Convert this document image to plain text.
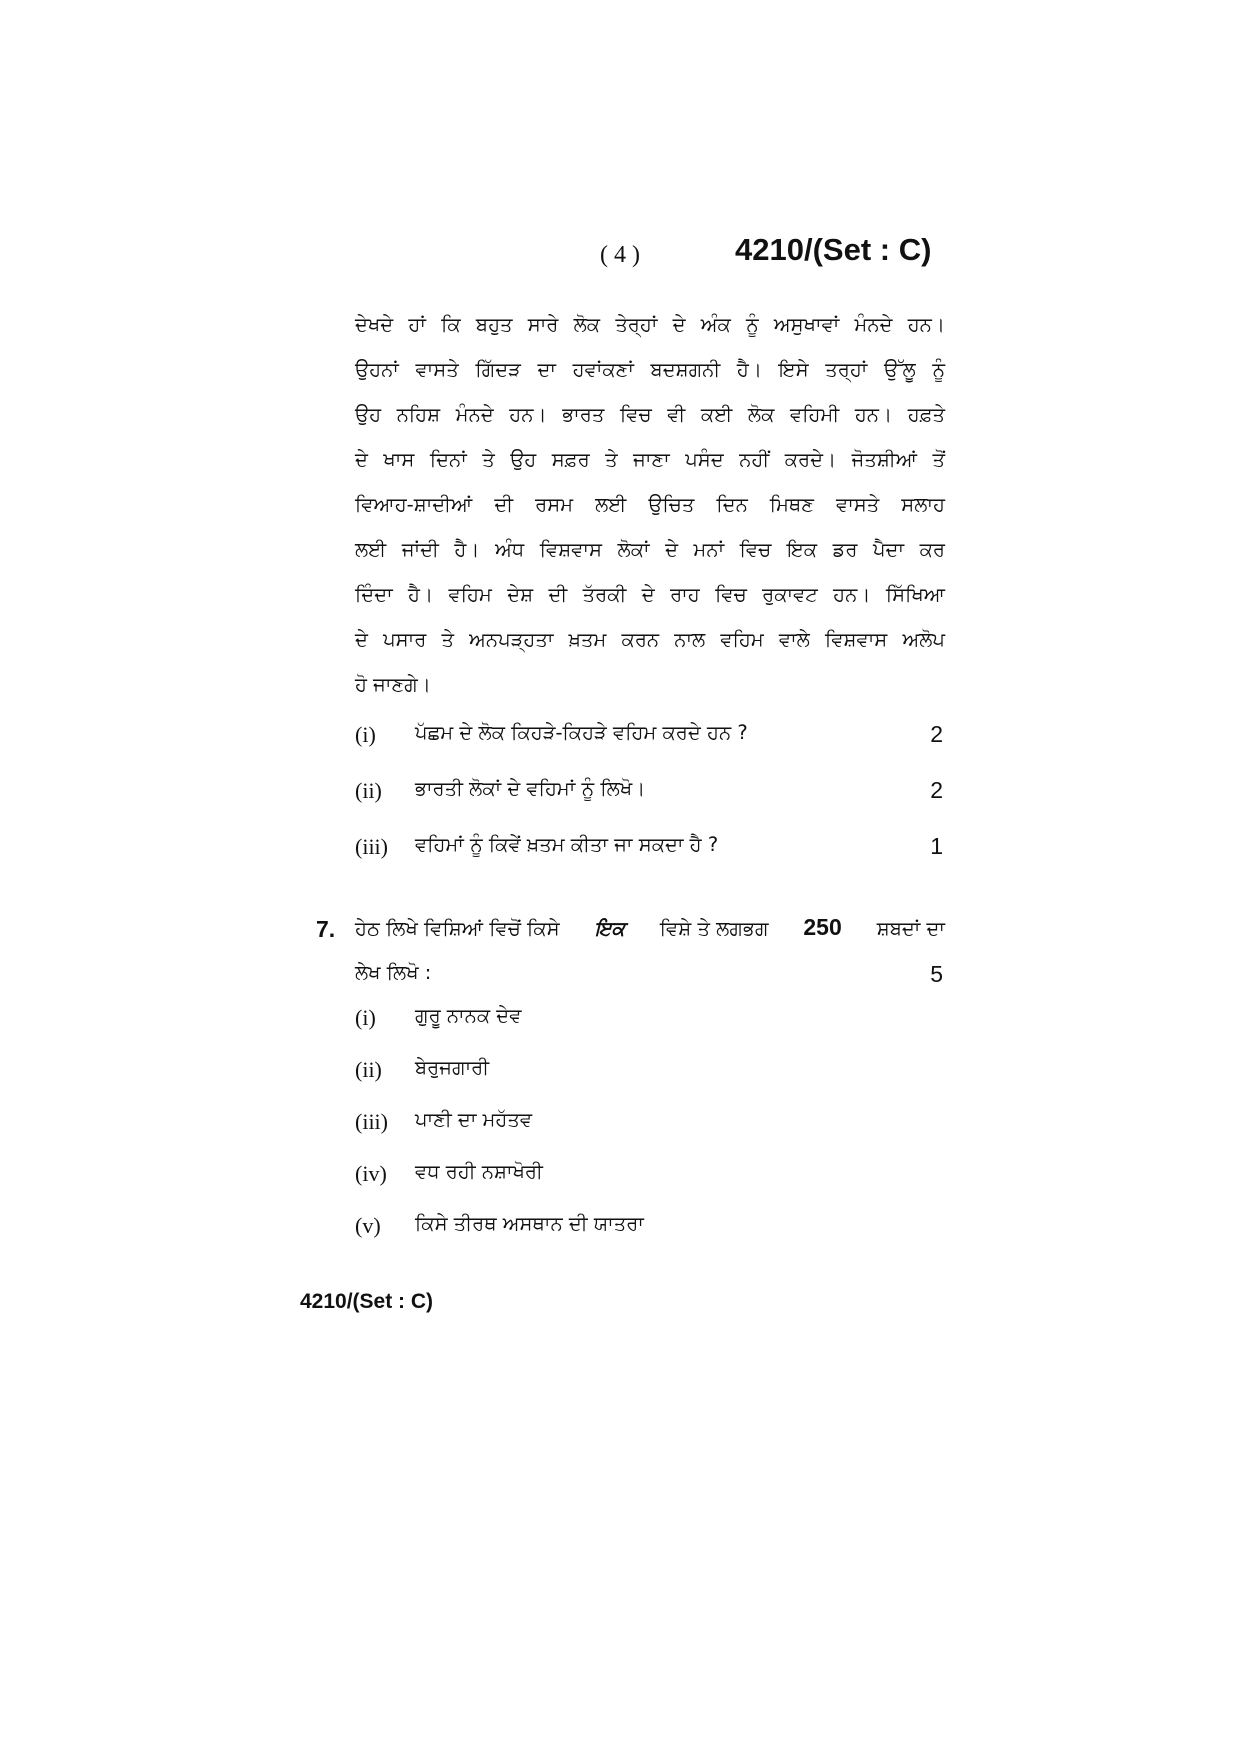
( 4 )	4210/(Set : C)
ਦੇਖਦੇ ਹਾਂ ਕਿ ਬਹੁਤ ਸਾਰੇ ਲੋਕ ਤੇਰ੍ਹਾਂ ਦੇ ਅੰਕ ਨੂੰ ਅਸੁਖਾਵਾਂ ਮੰਨਦੇ ਹਨ।
ਉਹਨਾਂ ਵਾਸਤੇ ਗਿੱਦੜ ਦਾ ਹਵਾਂਕਣਾਂ ਬਦਸ਼ਗਨੀ ਹੈ। ਇਸੇ ਤਰ੍ਹਾਂ ਉੱਲੂ ਨੂੰ
ਉਹ ਨਹਿਸ਼ ਮੰਨਦੇ ਹਨ। ਭਾਰਤ ਵਿਚ ਵੀ ਕਈ ਲੋਕ ਵਹਿਮੀ ਹਨ। ਹਫ਼ਤੇ
ਦੇ ਖਾਸ ਦਿਨਾਂ ਤੇ ਉਹ ਸਫ਼ਰ ਤੇ ਜਾਣਾ ਪਸੰਦ ਨਹੀਂ ਕਰਦੇ। ਜੋਤਸ਼ੀਆਂ ਤੋਂ
ਵਿਆਹ-ਸ਼ਾਦੀਆਂ ਦੀ ਰਸਮ ਲਈ ਉਚਿਤ ਦਿਨ ਮਿਥਣ ਵਾਸਤੇ ਸਲਾਹ
ਲਈ ਜਾਂਦੀ ਹੈ। ਅੰਧ ਵਿਸ਼ਵਾਸ ਲੋਕਾਂ ਦੇ ਮਨਾਂ ਵਿਚ ਇਕ ਡਰ ਪੈਦਾ ਕਰ
ਦਿੰਦਾ ਹੈ। ਵਹਿਮ ਦੇਸ਼ ਦੀ ਤੱਰਕੀ ਦੇ ਰਾਹ ਵਿਚ ਰੁਕਾਵਟ ਹਨ। ਸਿੱਖਿਆ
ਦੇ ਪਸਾਰ ਤੇ ਅਨਪੜ੍ਹਤਾ ਖ਼ਤਮ ਕਰਨ ਨਾਲ ਵਹਿਮ ਵਾਲੇ ਵਿਸ਼ਵਾਸ ਅਲੋਪ
ਹੋ ਜਾਣਗੇ।
(i) ਪੱਛਮ ਦੇ ਲੋਕ ਕਿਹੜੇ-ਕਿਹੜੇ ਵਹਿਮ ਕਰਦੇ ਹਨ ?	2
(ii) ਭਾਰਤੀ ਲੋਕਾਂ ਦੇ ਵਹਿਮਾਂ ਨੂੰ ਲਿਖੋ।	2
(iii) ਵਹਿਮਾਂ ਨੂੰ ਕਿਵੇਂ ਖ਼ਤਮ ਕੀਤਾ ਜਾ ਸਕਦਾ ਹੈ ?	1
7. ਹੇਠ ਲਿਖੇ ਵਿਸ਼ਿਆਂ ਵਿਚੋਂ ਕਿਸੇ ਇਕ ਵਿਸ਼ੇ ਤੇ ਲਗਭਗ 250 ਸ਼ਬਦਾਂ ਦਾ
ਲੇਖ ਲਿਖੋ :	5
(i) ਗੁਰੂ ਨਾਨਕ ਦੇਵ
(ii) ਬੇਰੁਜਗਾਰੀ
(iii) ਪਾਣੀ ਦਾ ਮਹੱਤਵ
(iv) ਵਧ ਰਹੀ ਨਸ਼ਾਖੋਰੀ
(v) ਕਿਸੇ ਤੀਰਥ ਅਸਥਾਨ ਦੀ ਯਾਤਰਾ
4210/(Set : C)
